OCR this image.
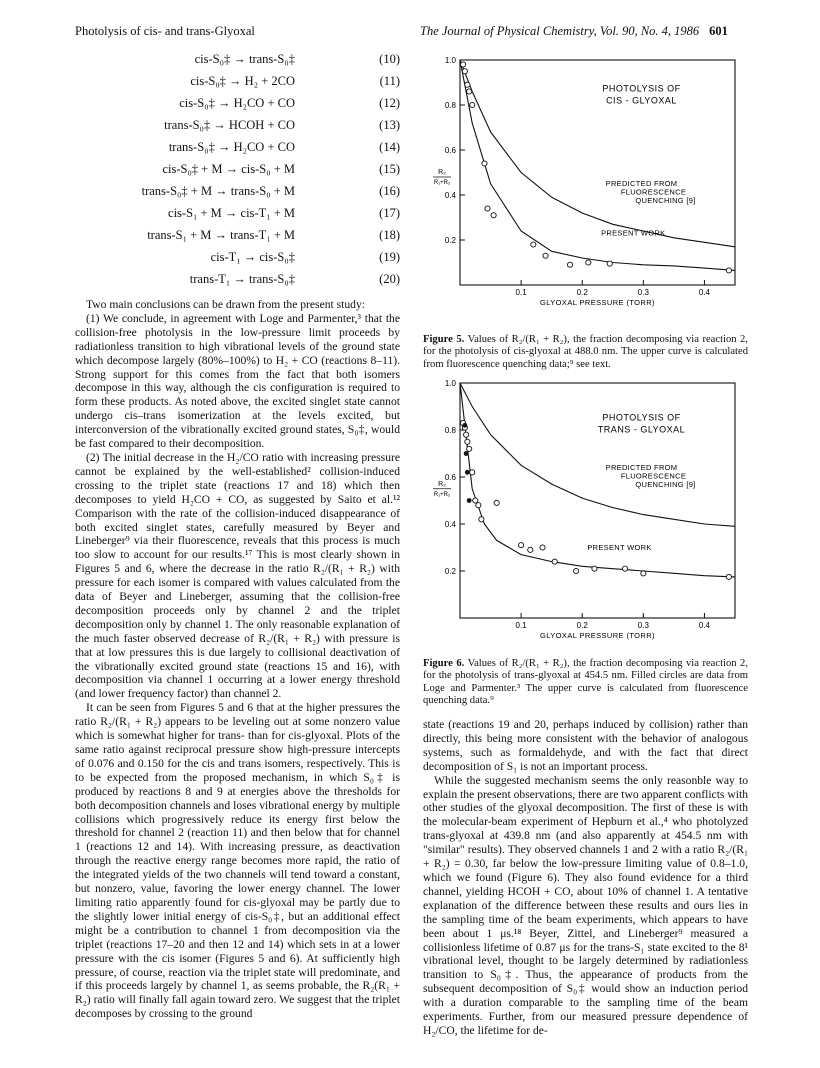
Photolysis of cis- and trans-Glyoxal	The Journal of Physical Chemistry, Vol. 90, No. 4, 1986 601
cis-S₀‡ → trans-S₀‡	(10)
cis-S₀‡ → H₂ + 2CO	(11)
cis-S₀‡ → H₂CO + CO	(12)
trans-S₀‡ → HCOH + CO	(13)
trans-S₀‡ → H₂CO + CO	(14)
cis-S₀‡ + M → cis-S₀ + M	(15)
trans-S₀‡ + M → trans-S₀ + M	(16)
cis-S₁ + M → cis-T₁ + M	(17)
trans-S₁ + M → trans-T₁ + M	(18)
cis-T₁ → cis-S₀‡	(19)
trans-T₁ → trans-S₀‡	(20)

Two main conclusions can be drawn from the present study:

(1) We conclude, in agreement with Loge and Parmenter,³ that the collision-free photolysis in the low-pressure limit proceeds by radiationless transition to high vibrational levels of the ground state which decompose largely (80%–100%) to H₂ + CO (reactions 8–11). Strong support for this comes from the fact that both isomers decompose in this way, although the cis configuration is required to form these products. As noted above, the excited singlet state cannot undergo cis–trans isomerization at the levels excited, but interconversion of the vibrationally excited ground states, S₀‡, would be fast compared to their decomposition.

(2) The initial decrease in the H₂/CO ratio with increasing pressure cannot be explained by the well-established² collision-induced crossing to the triplet state (reactions 17 and 18) which then decomposes to yield H₂CO + CO, as suggested by Saito et al.¹² Comparison with the rate of the collision-induced disappearance of both excited singlet states, carefully measured by Beyer and Lineberger⁹ via their fluorescence, reveals that this process is much too slow to account for our results.¹⁷ This is most clearly shown in Figures 5 and 6, where the decrease in the ratio R₂/(R₁ + R₂) with pressure for each isomer is compared with values calculated from the data of Beyer and Lineberger, assuming that the collision-free decomposition proceeds only by channel 2 and the triplet decomposition only by channel 1. The only reasonable explanation of the much faster observed decrease of R₂/(R₁ + R₂) with pressure is that at low pressures this is due largely to collisional deactivation of the vibrationally excited ground state (reactions 15 and 16), with decomposition via channel 1 occurring at a lower energy threshold (and lower frequency factor) than channel 2.

It can be seen from Figures 5 and 6 that at the higher pressures the ratio R₂/(R₁ + R₂) appears to be leveling out at some nonzero value which is somewhat higher for trans- than for cis-glyoxal. Plots of the same ratio against reciprocal pressure show high-pressure intercepts of 0.076 and 0.150 for the cis and trans isomers, respectively. This is to be expected from the proposed mechanism, in which S₀‡ is produced by reactions 8 and 9 at energies above the thresholds for both decomposition channels and loses vibrational energy by multiple collisions which progressively reduce its energy first below the threshold for channel 2 (reaction 11) and then below that for channel 1 (reactions 12 and 14). With increasing pressure, as deactivation through the reactive energy range becomes more rapid, the ratio of the integrated yields of the two channels will tend toward a constant, but nonzero, value, favoring the lower energy channel. The lower limiting ratio apparently found for cis-glyoxal may be partly due to the slightly lower initial energy of cis-S₀‡, but an additional effect might be a contribution to channel 1 from decomposition via the triplet (reactions 17–20 and then 12 and 14) which sets in at a lower pressure with the cis isomer (Figures 5 and 6). At sufficiently high pressure, of course, reaction via the triplet state will predominate, and if this proceeds largely by channel 1, as seems probable, the R₂(R₁ + R₂) ratio will finally fall again toward zero. We suggest that the triplet decomposes by crossing to the ground

0.2
0.4
0.6
0.8
1.0
0.1	0.2	0.3	0.4
GLYOXAL PRESSURE (TORR)
R₂
R₁+R₂
PHOTOLYSIS OF
CIS - GLYOXAL
PREDICTED FROM
FLUORESCENCE
QUENCHING [9]
PRESENT WORK
Figure 5. Values of R₂/(R₁ + R₂), the fraction decomposing via reaction 2, for the photolysis of cis-glyoxal at 488.0 nm. The upper curve is calculated from fluorescence quenching data;⁹ see text.
0.2
0.4
0.6
0.8
1.0
0.1	0.2	0.3	0.4
GLYOXAL PRESSURE (TORR)
R₂
R₁+R₂
PHOTOLYSIS OF
TRANS - GLYOXAL
PREDICTED FROM
FLUORESCENCE
QUENCHING [9]
PRESENT WORK
Figure 6. Values of R₂/(R₁ + R₂), the fraction decomposing via reaction 2, for the photolysis of trans-glyoxal at 454.5 nm. Filled circles are data from Loge and Parmenter.³ The upper curve is calculated from fluorescence quenching data.⁹

state (reactions 19 and 20, perhaps induced by collision) rather than directly, this being more consistent with the behavior of analogous systems, such as formaldehyde, and with the fact that direct decomposition of S₁ is not an important process.

While the suggested mechanism seems the only reasonble way to explain the present observations, there are two apparent conflicts with other studies of the glyoxal decomposition. The first of these is with the molecular-beam experiment of Hepburn et al.,⁴ who photolyzed trans-glyoxal at 439.8 nm (and also apparently at 454.5 nm with "similar" results). They observed channels 1 and 2 with a ratio R₂/(R₁ + R₂) = 0.30, far below the low-pressure limiting value of 0.8–1.0, which we found (Figure 6). They also found evidence for a third channel, yielding HCOH + CO, about 10% of channel 1. A tentative explanation of the difference between these results and ours lies in the sampling time of the beam experiments, which appears to have been about 1 μs.¹⁸ Beyer, Zittel, and Lineberger⁹ measured a collisionless lifetime of 0.87 μs for the trans-S₁ state excited to the 8¹ vibrational level, thought to be largely determined by radiationless transition to S₀‡. Thus, the appearance of products from the subsequent decomposition of S₀‡ would show an induction period with a duration comparable to the sampling time of the beam experiments. Further, from our measured pressure dependence of H₂/CO, the lifetime for de-
